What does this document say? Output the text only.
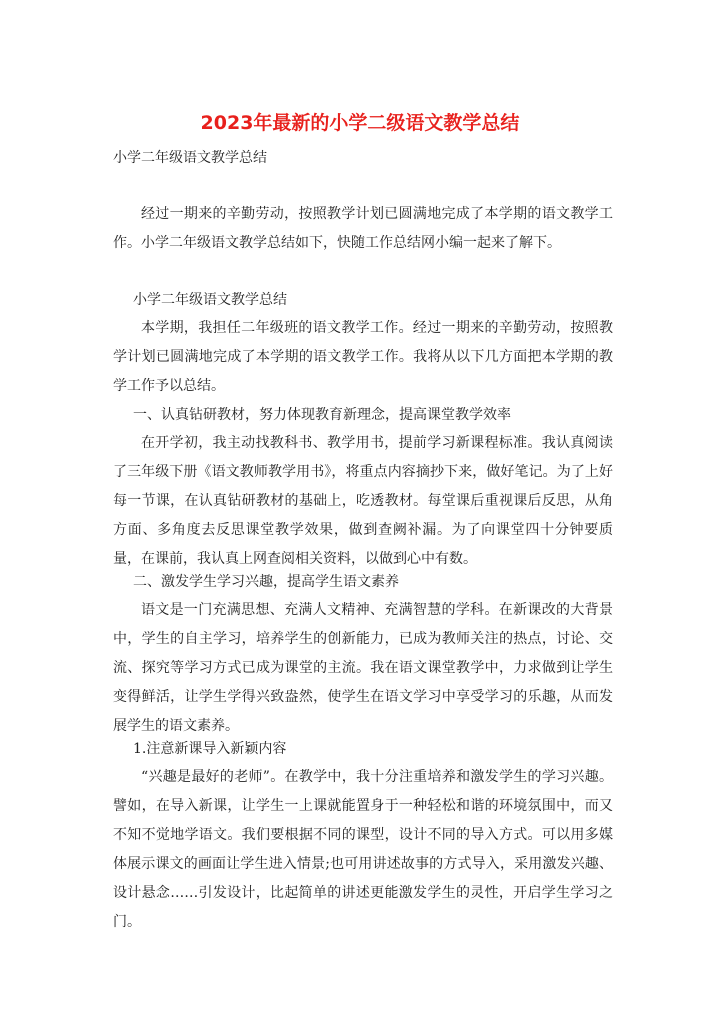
2023年最新的小学二级语文教学总结
小学二年级语文教学总结

经过一期来的辛勤劳动，按照教学计划已圆满地完成了本学期的语文教学工作。小学二年级语文教学总结如下，快随工作总结网小编一起来了解下。

小学二年级语文教学总结

本学期，我担任二年级班的语文教学工作。经过一期来的辛勤劳动，按照教学计划已圆满地完成了本学期的语文教学工作。我将从以下几方面把本学期的教学工作予以总结。

一、认真钻研教材，努力体现教育新理念，提高课堂教学效率

在开学初，我主动找教科书、教学用书，提前学习新课程标准。我认真阅读了三年级下册《语文教师教学用书》，将重点内容摘抄下来，做好笔记。为了上好每一节课，在认真钻研教材的基础上，吃透教材。每堂课后重视课后反思，从角方面、多角度去反思课堂教学效果，做到查阙补漏。为了向课堂四十分钟要质量，在课前，我认真上网查阅相关资料，以做到心中有数。

二、激发学生学习兴趣，提高学生语文素养

语文是一门充满思想、充满人文精神、充满智慧的学科。在新课改的大背景中，学生的自主学习，培养学生的创新能力，已成为教师关注的热点，讨论、交流、探究等学习方式已成为课堂的主流。我在语文课堂教学中，力求做到让学生变得鲜活，让学生学得兴致盎然，使学生在语文学习中享受学习的乐趣，从而发展学生的语文素养。

1.注意新课导入新颖内容

“兴趣是最好的老师”。在教学中，我十分注重培养和激发学生的学习兴趣。譬如，在导入新课，让学生一上课就能置身于一种轻松和谐的环境氛围中，而又不知不觉地学语文。我们要根据不同的课型，设计不同的导入方式。可以用多媒体展示课文的画面让学生进入情景;也可用讲述故事的方式导入，采用激发兴趣、设计悬念……引发设计，比起简单的讲述更能激发学生的灵性，开启学生学习之门。
